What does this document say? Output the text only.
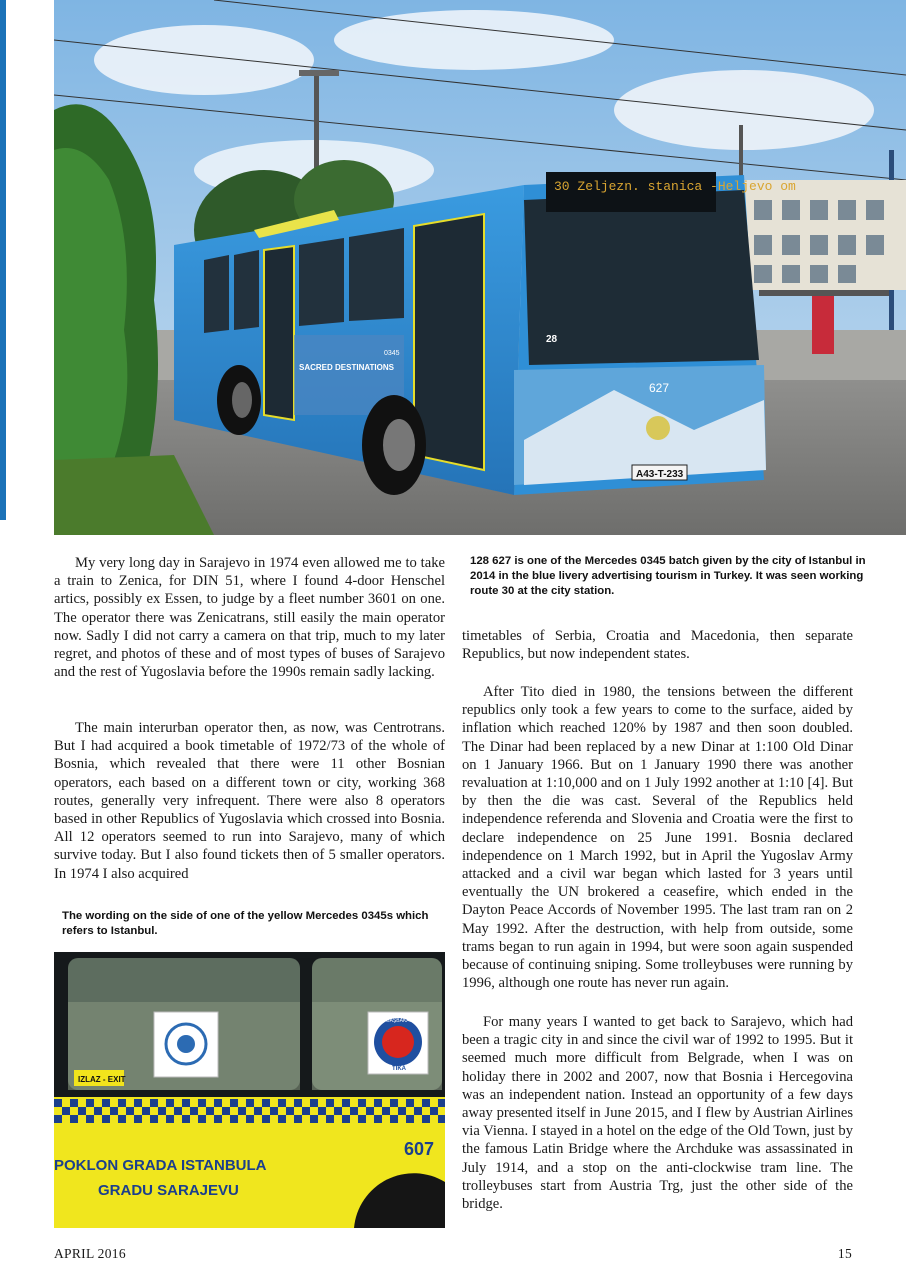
30 Zeljezn. stanica -Heljevo om
627
28
A43-T-233
SACRED DESTINATIONS
0345
128 627 is one of the Mercedes 0345 batch given by the city of Istanbul in 2014 in the blue livery advertising tourism in Turkey. It was seen working route 30 at the city station.

My very long day in Sarajevo in 1974 even allowed me to take a train to Zenica, for DIN 51, where I found 4-door Henschel artics, possibly ex Essen, to judge by a fleet number 3601 on one. The operator there was Zenicatrans, still easily the main operator now. Sadly I did not carry a camera on that trip, much to my later regret, and photos of these and of most types of buses of Sarajevo and the rest of Yugoslavia before the 1990s remain sadly lacking.

The main interurban operator then, as now, was Centrotrans. But I had acquired a book timetable of 1972/73 of the whole of Bosnia, which revealed that there were 11 other Bosnian operators, each based on a different town or city, working 368 routes, generally very infrequent. There were also 8 operators based in other Republics of Yugoslavia which crossed into Bosnia. All 12 operators seemed to run into Sarajevo, many of which survive today. But I also found tickets then of 5 smaller operators. In 1974 I also acquired

timetables of Serbia, Croatia and Macedonia, then separate Republics, but now independent states.

After Tito died in 1980, the tensions between the different republics only took a few years to come to the surface, aided by inflation which reached 120% by 1987 and then soon doubled. The Dinar had been replaced by a new Dinar at 1:100 Old Dinar on 1 January 1966. But on 1 January 1990 there was another revaluation at 1:10,000 and on 1 July 1992 another at 1:10 [4]. But by then the die was cast. Several of the Republics held independence referenda and Slovenia and Croatia were the first to declare independence on 25 June 1991. Bosnia declared independence on 1 March 1992, but in April the Yugoslav Army attacked and a civil war began which lasted for 3 years until eventually the UN brokered a ceasefire, which ended in the Dayton Peace Accords of November 1995. The last tram ran on 2 May 1992. After the destruction, with help from outside, some trams began to run again in 1994, but were soon again suspended because of continuing sniping. Some trolleybuses were running by 1996, although one route has never run again.

For many years I wanted to get back to Sarajevo, which had been a tragic city in and since the civil war of 1992 to 1995. But it seemed much more difficult from Belgrade, when I was on holiday there in 2002 and 2007, now that Bosnia i Hercegovina was an independent nation. Instead an opportunity of a few days away presented itself in June 2015, and I flew by Austrian Airlines via Vienna. I stayed in a hotel on the edge of the Old Town, just by the famous Latin Bridge where the Archduke was assassinated in July 1914, and a stop on the anti-clockwise tram line. The trolleybuses start from Austria Trg, just the other side of the bridge.

The wording on the side of one of the yellow Mercedes 0345s which refers to Istanbul.
T.C. BAŞBAKANLIK
TİKA
IZLAZ - EXIT
607
POKLON GRADA ISTANBULA
GRADU SARAJEVU
APRIL 2016	15
